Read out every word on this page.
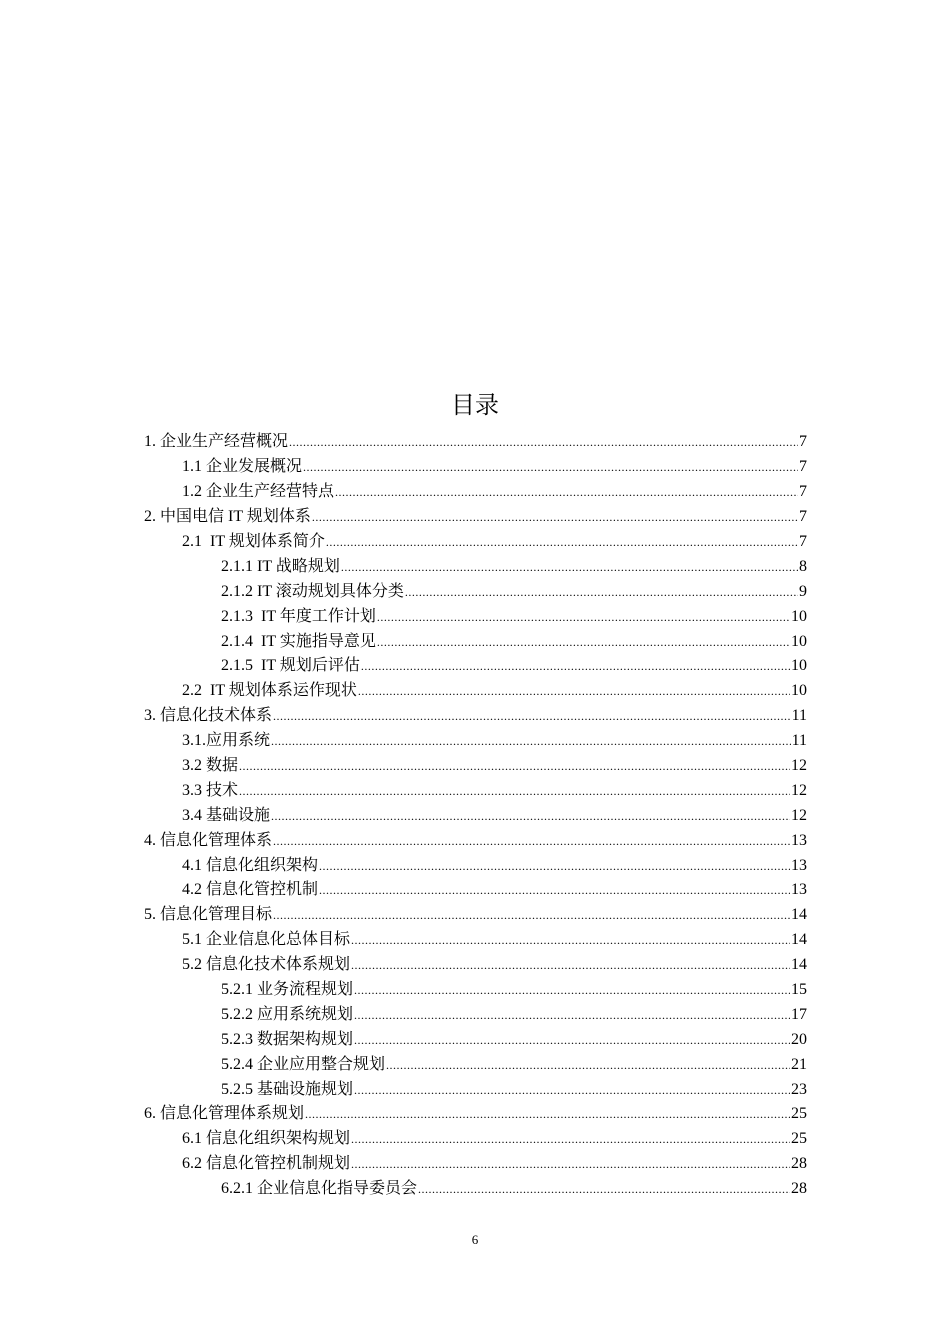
目录
1. 企业生产经营概况 .....	7
1.1 企业发展概况 .....	7
1.2 企业生产经营特点 .....	7
2. 中国电信 IT 规划体系 .....	7
2.1  IT 规划体系简介 .....	7
2.1.1 IT 战略规划 .....	8
2.1.2 IT 滚动规划具体分类 .....	9
2.1.3  IT 年度工作计划 .....	10
2.1.4  IT 实施指导意见 .....	10
2.1.5  IT 规划后评估 .....	10
2.2  IT 规划体系运作现状 .....	10
3. 信息化技术体系 .....	11
3.1.应用系统 .....	11
3.2 数据 .....	12
3.3 技术 .....	12
3.4 基础设施 .....	12
4. 信息化管理体系 .....	13
4.1 信息化组织架构 .....	13
4.2 信息化管控机制 .....	13
5. 信息化管理目标 .....	14
5.1 企业信息化总体目标 .....	14
5.2 信息化技术体系规划 .....	14
5.2.1 业务流程规划 .....	15
5.2.2 应用系统规划 .....	17
5.2.3 数据架构规划 .....	20
5.2.4 企业应用整合规划 .....	21
5.2.5 基础设施规划 .....	23
6. 信息化管理体系规划 .....	25
6.1 信息化组织架构规划 .....	25
6.2 信息化管控机制规划 .....	28
6.2.1 企业信息化指导委员会 .....	28
6
